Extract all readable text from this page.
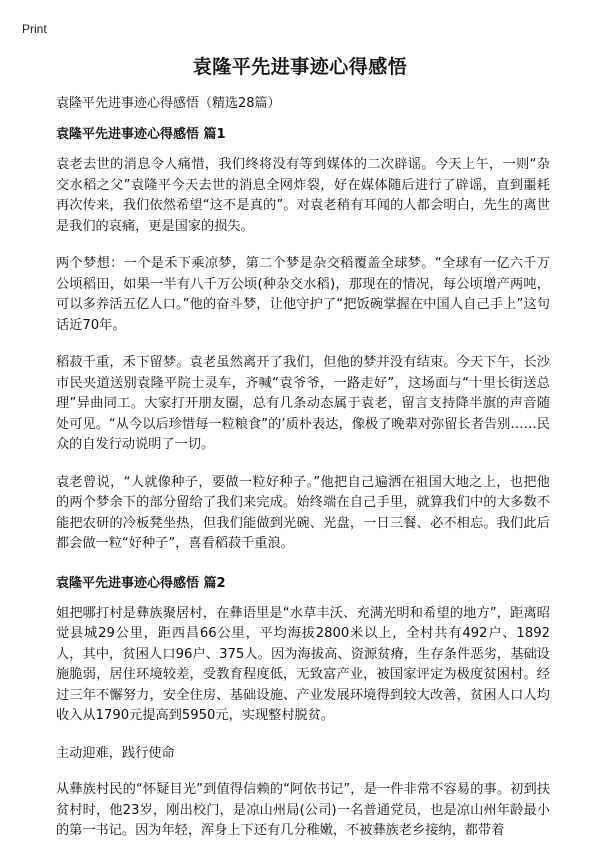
Print
袁隆平先进事迹心得感悟

袁隆平先进事迹心得感悟（精选28篇）

袁隆平先进事迹心得感悟 篇1

袁老去世的消息令人痛惜，我们终将没有等到媒体的二次辟谣。今天上午，一则“杂交水稻之父”袁隆平今天去世的消息全网炸裂，好在媒体随后进行了辟谣，直到噩耗再次传来，我们依然希望“这不是真的”。对袁老稍有耳闻的人都会明白，先生的离世是我们的哀痛，更是国家的损失。

两个梦想：一个是禾下乘凉梦，第二个梦是杂交稻覆盖全球梦。“全球有一亿六千万公顷稻田，如果一半有八千万公顷(种杂交水稻)，那现在的情况，每公顷增产两吨，可以多养活五亿人口。”他的奋斗梦，让他守护了“把饭碗掌握在中国人自己手上”这句话近70年。

稻菽千重，禾下留梦。袁老虽然离开了我们，但他的梦并没有结束。今天下午，长沙市民夹道送别袁隆平院士灵车，齐喊“袁爷爷，一路走好”，这场面与“十里长街送总理”异曲同工。大家打开朋友圈，总有几条动态属于袁老，留言支持降半旗的声音随处可见。“从今以后珍惜每一粒粮食”的’质朴表达，像极了晚辈对弥留长者告别……民众的自发行动说明了一切。

袁老曾说，“人就像种子，要做一粒好种子。”他把自己遍洒在祖国大地之上，也把他的两个梦余下的部分留给了我们来完成。始终端在自己手里，就算我们中的大多数不能把农研的冷板凳坐热，但我们能做到光碗、光盘，一日三餐、必不相忘。我们此后都会做一粒“好种子”，喜看稻菽千重浪。

袁隆平先进事迹心得感悟 篇2

姐把哪打村是彝族聚居村，在彝语里是“水草丰沃、充满光明和希望的地方”，距离昭觉县城29公里，距西昌66公里，平均海拔2800米以上，全村共有492户、1892人，其中，贫困人口96户、375人。因为海拔高、资源贫瘠，生存条件恶劣，基础设施脆弱，居住环境较差，受教育程度低，无致富产业，被国家评定为极度贫困村。经过三年不懈努力，安全住房、基础设施、产业发展环境得到较大改善，贫困人口人均收入从1790元提高到5950元，实现整村脱贫。

主动迎难，践行使命

从彝族村民的“怀疑目光”到值得信赖的“阿依书记”，是一件非常不容易的事。初到扶贫村时，他23岁，刚出校门，是凉山州局(公司)一名普通党员，也是凉山州年龄最小的第一书记。因为年轻，浑身上下还有几分稚嫩，不被彝族老乡接纳，都带着
